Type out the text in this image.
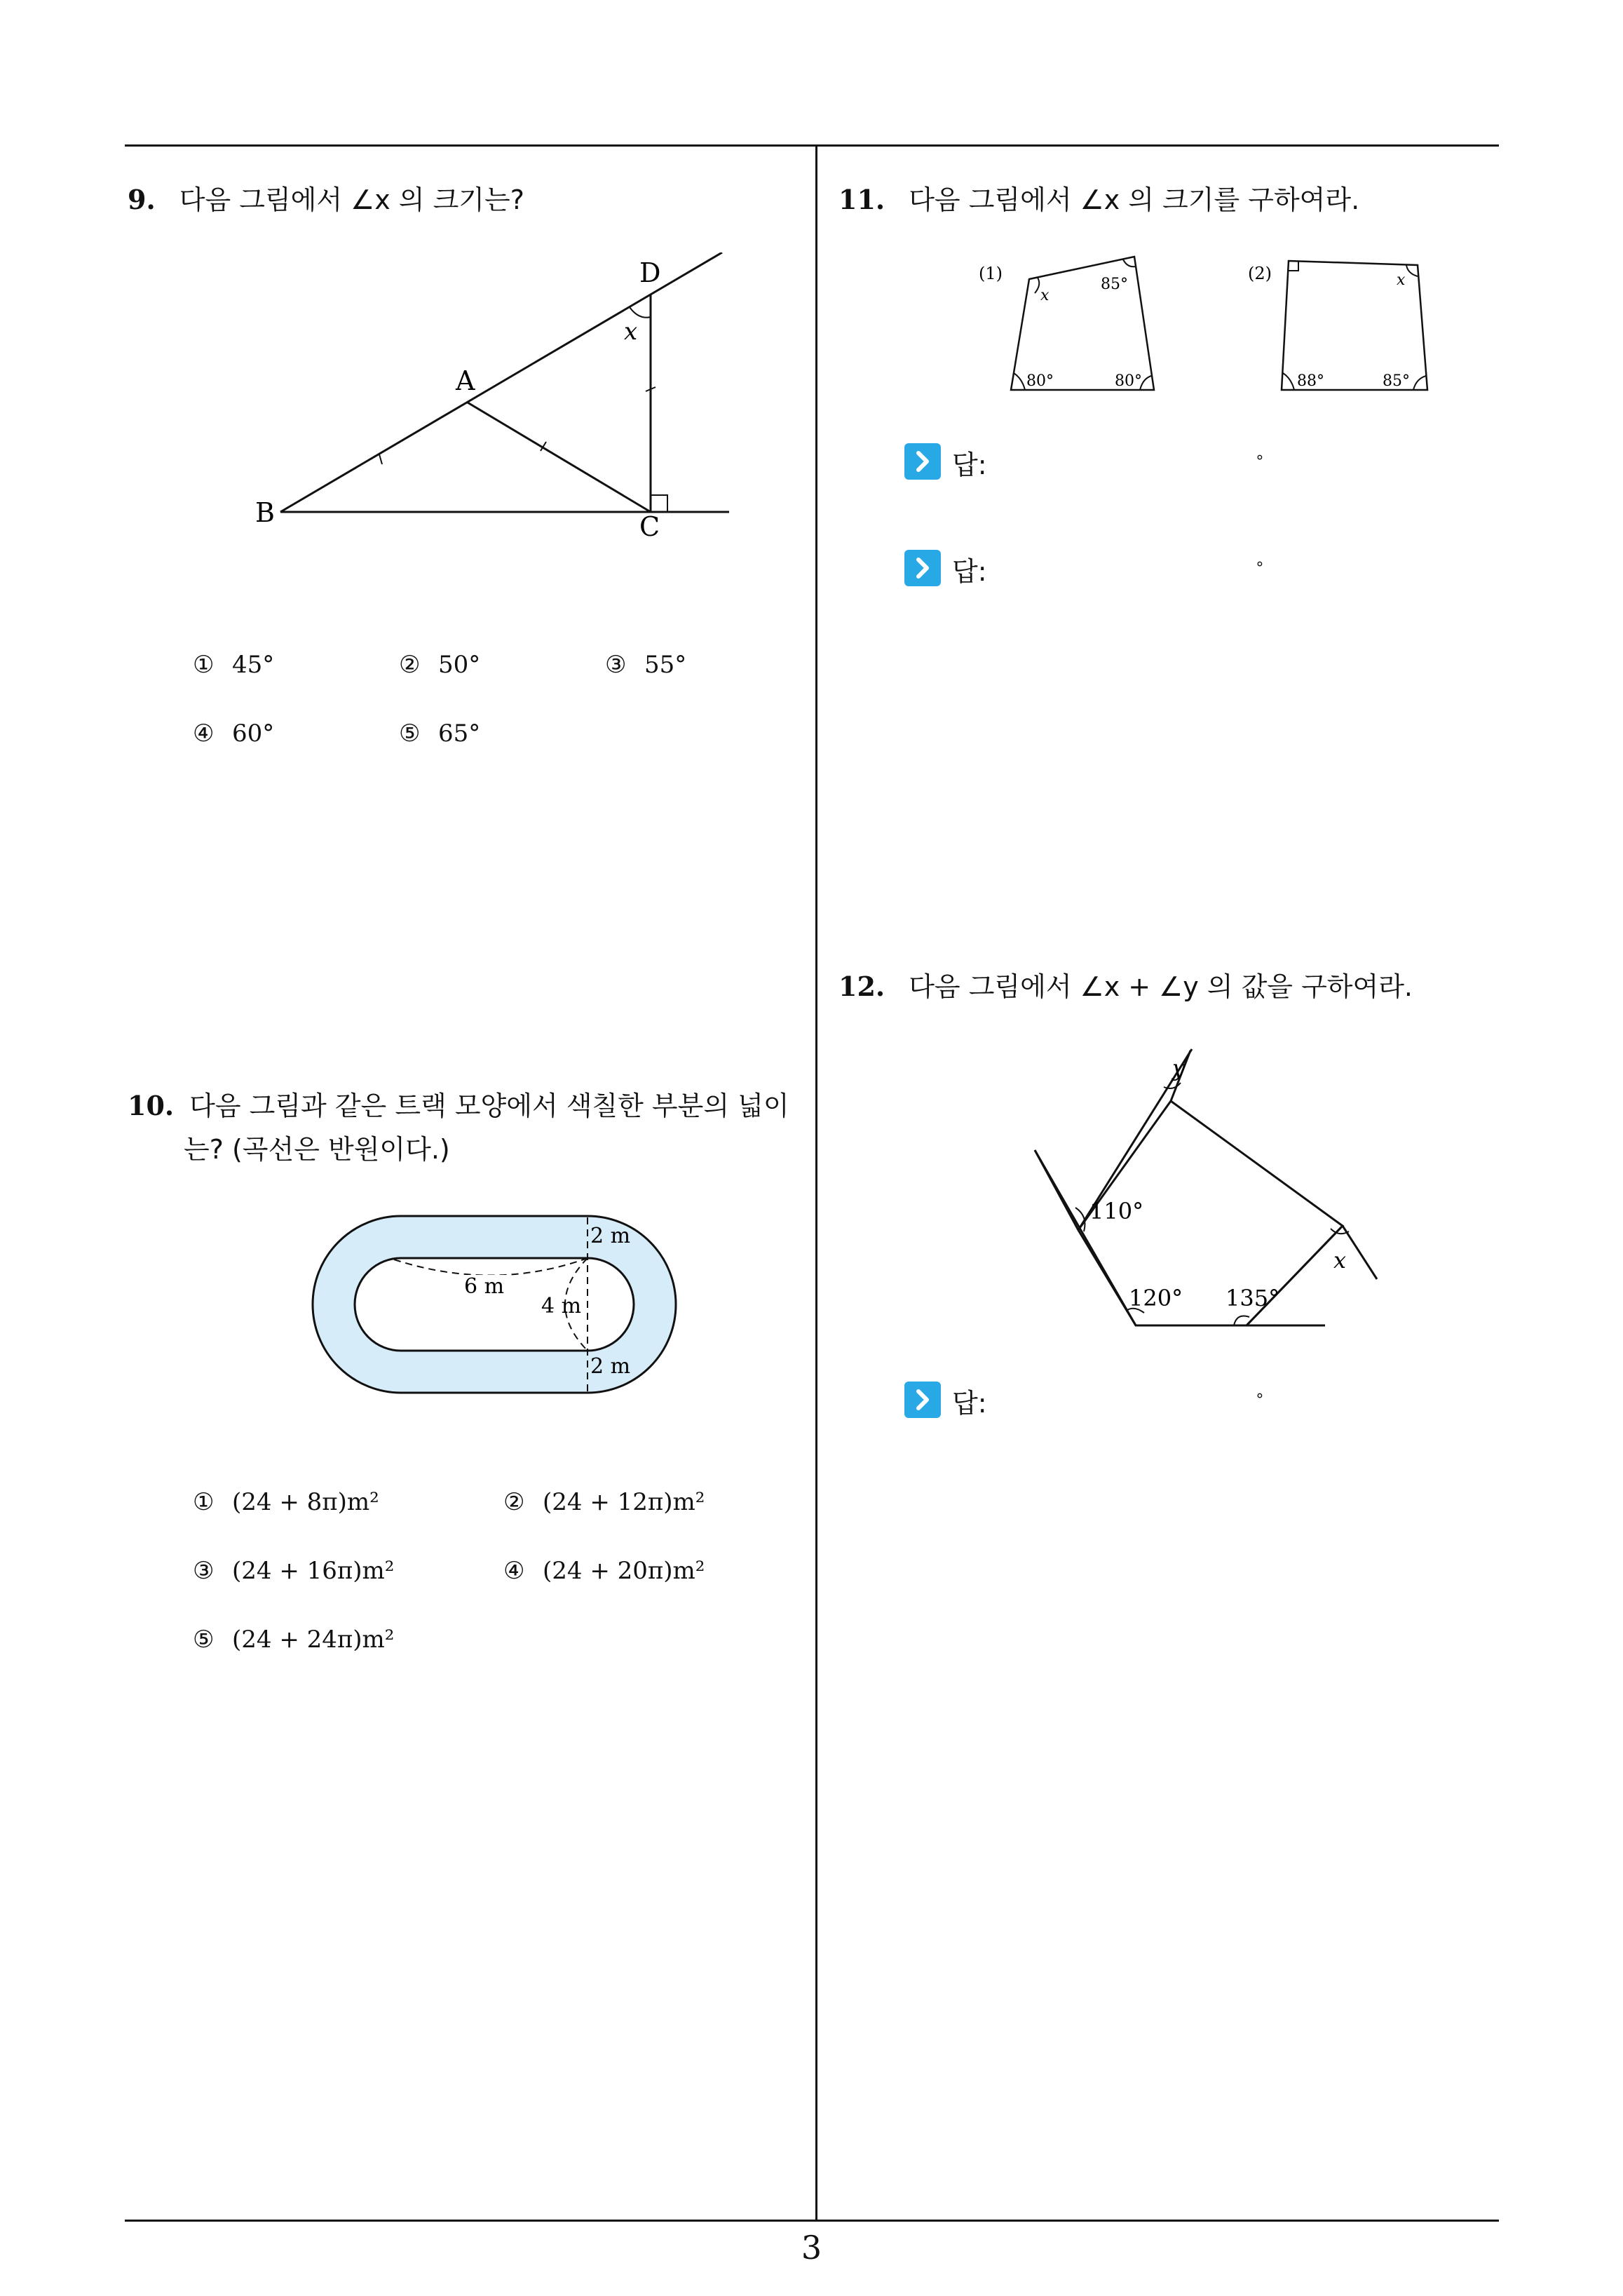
9. 다음 그림에서 ∠x 의 크기는?
D
x
A
B	C
① 45°	② 50°	③ 55°
④ 60°	⑤ 65°
10. 다음 그림과 같은 트랙 모양에서 색칠한 부분의 넓이
는? (곡선은 반원이다.)
6 m
4 m
2 m
2 m
① (24 + 8π)m²	② (24 + 12π)m²
③ (24 + 16π)m²	④ (24 + 20π)m²
⑤ (24 + 24π)m²
11. 다음 그림에서 ∠x 의 크기를 구하여라.
(1)
x
85°
80°	80°
(2)	x
88°	85°
답:	∘
답:	∘
12. 다음 그림에서 ∠x + ∠y 의 값을 구하여라.
y
110°
120° 135°
x
답:	∘
3
